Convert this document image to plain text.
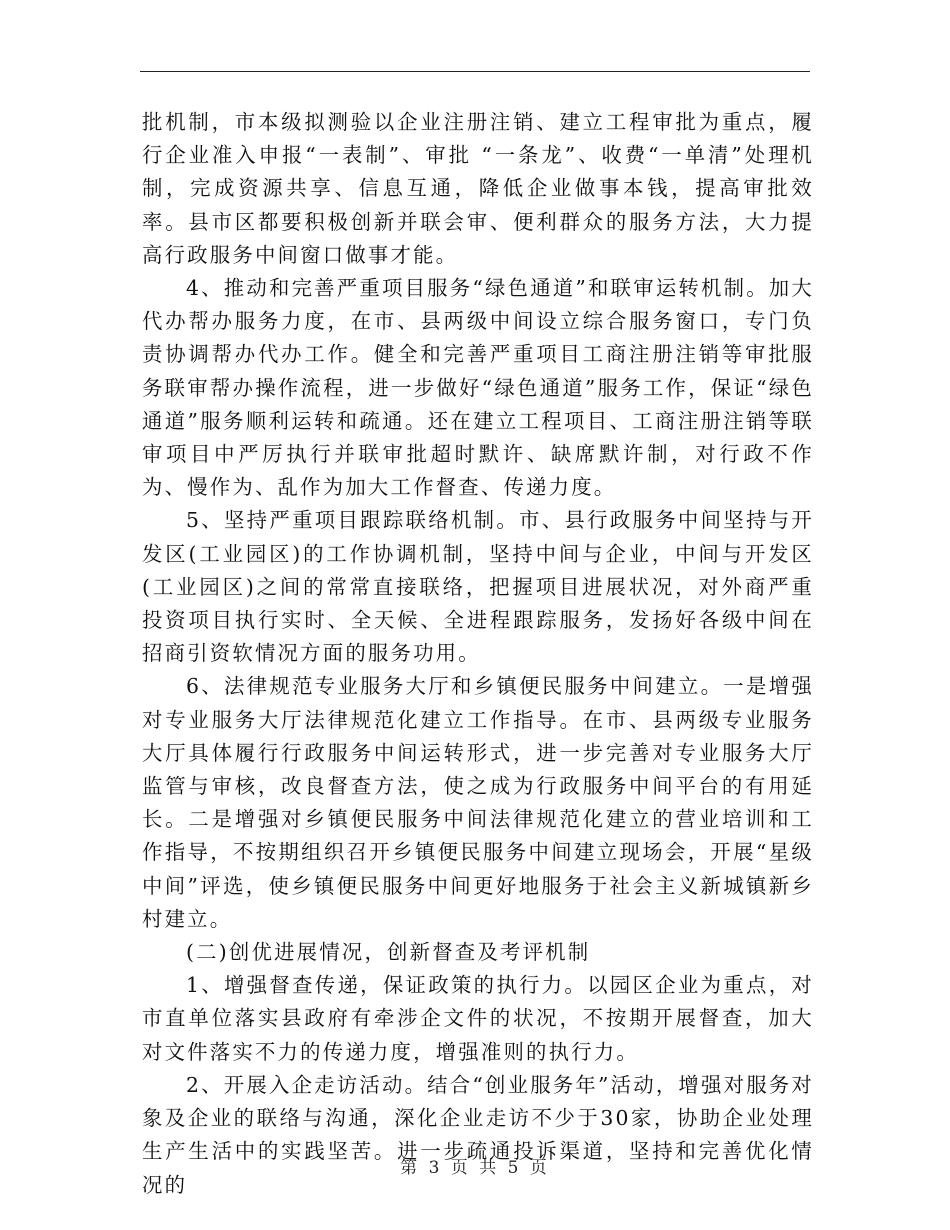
批机制，市本级拟测验以企业注册注销、建立工程审批为重点，履行企业准入申报“一表制”、审批 “一条龙”、收费“一单清”处理机制，完成资源共享、信息互通，降低企业做事本钱，提高审批效率。县市区都要积极创新并联会审、便利群众的服务方法，大力提高行政服务中间窗口做事才能。

4、推动和完善严重项目服务“绿色通道”和联审运转机制。加大代办帮办服务力度，在市、县两级中间设立综合服务窗口，专门负责协调帮办代办工作。健全和完善严重项目工商注册注销等审批服务联审帮办操作流程，进一步做好“绿色通道”服务工作，保证“绿色通道”服务顺利运转和疏通。还在建立工程项目、工商注册注销等联审项目中严厉执行并联审批超时默许、缺席默许制，对行政不作为、慢作为、乱作为加大工作督查、传递力度。

5、坚持严重项目跟踪联络机制。市、县行政服务中间坚持与开发区(工业园区)的工作协调机制，坚持中间与企业，中间与开发区(工业园区)之间的常常直接联络，把握项目进展状况，对外商严重投资项目执行实时、全天候、全进程跟踪服务，发扬好各级中间在招商引资软情况方面的服务功用。

6、法律规范专业服务大厅和乡镇便民服务中间建立。一是增强对专业服务大厅法律规范化建立工作指导。在市、县两级专业服务大厅具体履行行政服务中间运转形式，进一步完善对专业服务大厅监管与审核，改良督查方法，使之成为行政服务中间平台的有用延长。二是增强对乡镇便民服务中间法律规范化建立的营业培训和工作指导，不按期组织召开乡镇便民服务中间建立现场会，开展“星级中间”评选，使乡镇便民服务中间更好地服务于社会主义新城镇新乡村建立。

(二)创优进展情况，创新督查及考评机制

1、增强督查传递，保证政策的执行力。以园区企业为重点，对市直单位落实县政府有牵涉企文件的状况，不按期开展督查，加大对文件落实不力的传递力度，增强准则的执行力。

2、开展入企走访活动。结合“创业服务年”活动，增强对服务对象及企业的联络与沟通，深化企业走访不少于30家，协助企业处理生产生活中的实践坚苦。进一步疏通投诉渠道，坚持和完善优化情况的

第 3 页 共 5 页
